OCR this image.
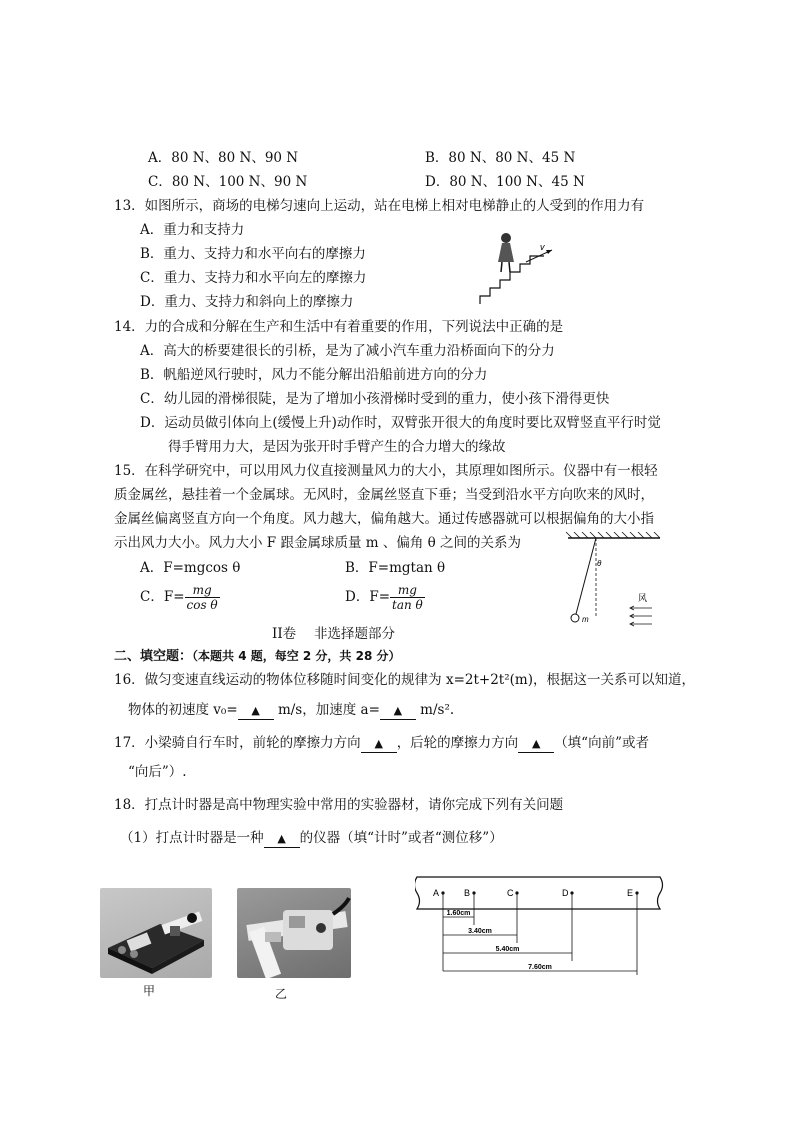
A．80 N、80 N、90 N	B．80 N、80 N、45 N
C．80 N、100 N、90 N	D．80 N、100 N、45 N
13．如图所示，商场的电梯匀速向上运动，站在电梯上相对电梯静止的人受到的作用力有
A．重力和支持力
B．重力、支持力和水平向右的摩擦力
C．重力、支持力和水平向左的摩擦力
D．重力、支持力和斜向上的摩擦力
v
14．力的合成和分解在生产和生活中有着重要的作用，下列说法中正确的是
A．高大的桥要建很长的引桥，是为了减小汽车重力沿桥面向下的分力
B．帆船逆风行驶时，风力不能分解出沿船前进方向的分力
C．幼儿园的滑梯很陡，是为了增加小孩滑梯时受到的重力，使小孩下滑得更快
D．运动员做引体向上(缓慢上升)动作时，双臂张开很大的角度时要比双臂竖直平行时觉
得手臂用力大，是因为张开时手臂产生的合力增大的缘故
15．在科学研究中，可以用风力仪直接测量风力的大小，其原理如图所示。仪器中有一根轻
质金属丝，悬挂着一个金属球。无风时，金属丝竖直下垂；当受到沿水平方向吹来的风时，
金属丝偏离竖直方向一个角度。风力越大，偏角越大。通过传感器就可以根据偏角的大小指
示出风力大小。风力大小 F 跟金属球质量 m 、偏角 θ 之间的关系为
A．F=mgcos θ	B．F=mgtan θ
C．$F= \frac{mg}{\text{cos θ}}$	D．$F= \frac{mg}{\text{tan θ}}$
θ
m
风
II卷　 非选择题部分
二、填空题：（本题共 4 题，每空 2 分，共 28 分）
16．做匀变速直线运动的物体位移随时间变化的规律为 x=2t+2t²(m)，根据这一关系可以知道，
物体的初速度 v₀= ▲ m/s，加速度 a= ▲ m/s².
17．小梁骑自行车时，前轮的摩擦力方向 ▲ ，后轮的摩擦力方向 ▲ （填“向前”或者
“向后”）.
18．打点计时器是高中物理实验中常用的实验器材，请你完成下列有关问题
（1）打点计时器是一种 ▲ 的仪器（填“计时”或者“测位移”）
甲	乙
A	B	C	D	E
1.60cm
3.40cm
5.40cm
7.60cm
